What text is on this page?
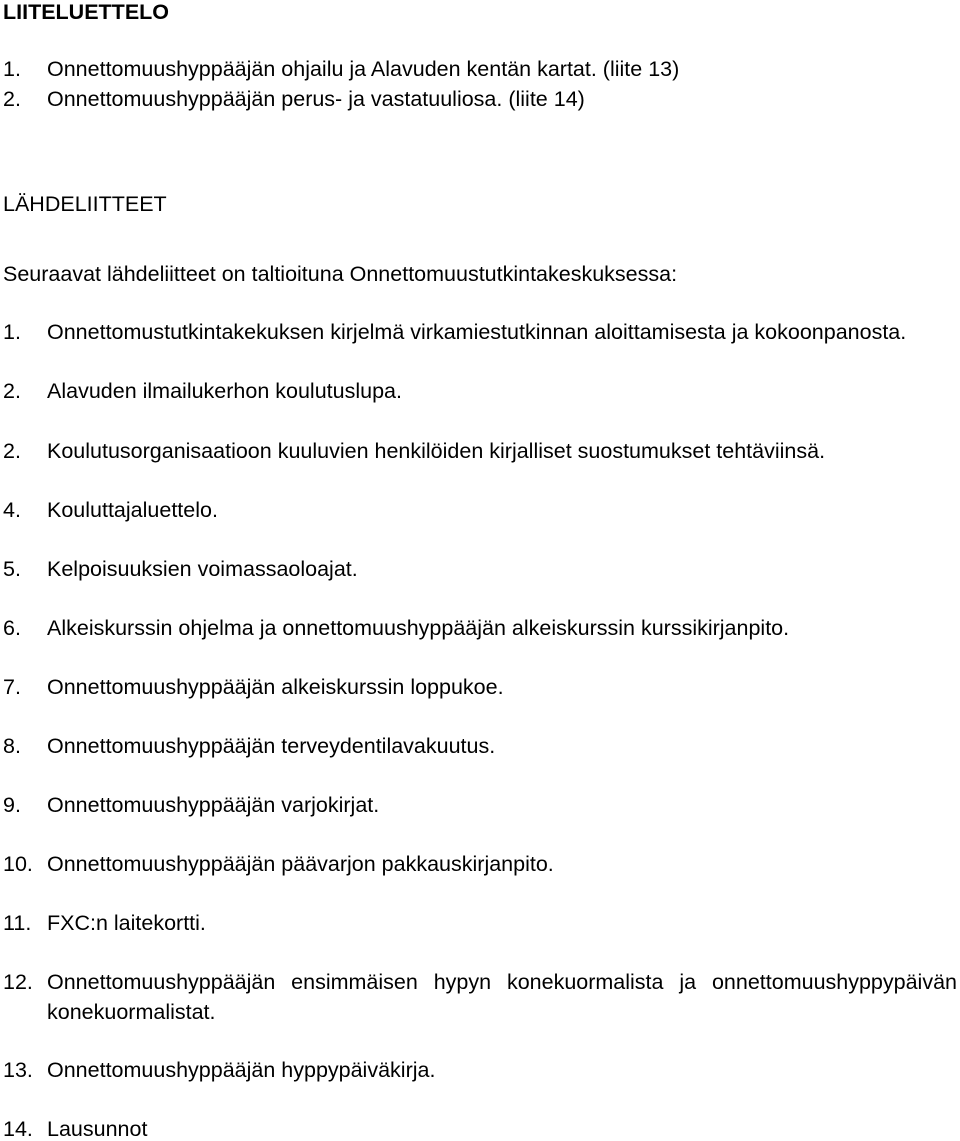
LIITELUETTELO
1. Onnettomuushyppääjän ohjailu ja Alavuden kentän kartat. (liite 13)
2. Onnettomuushyppääjän perus- ja vastatuuliosa. (liite 14)
LÄHDELIITTEET
Seuraavat lähdeliitteet on taltioituna Onnettomuustutkintakeskuksessa:
1. Onnettomustutkintakekuksen kirjelmä virkamiestutkinnan aloittamisesta ja kokoonpanosta.
2. Alavuden ilmailukerhon koulutuslupa.
2. Koulutusorganisaatioon kuuluvien henkilöiden kirjalliset suostumukset tehtäviinsä.
4. Kouluttajaluettelo.
5. Kelpoisuuksien voimassaoloajat.
6. Alkeiskurssin ohjelma ja onnettomuushyppääjän alkeiskurssin kurssikirjanpito.
7. Onnettomuushyppääjän alkeiskurssin loppukoe.
8. Onnettomuushyppääjän terveydentilavakuutus.
9. Onnettomuushyppääjän varjokirjat.
10. Onnettomuushyppääjän päävarjon pakkauskirjanpito.
11. FXC:n laitekortti.
12. Onnettomuushyppääjän ensimmäisen hypyn konekuormalista ja onnettomuushyppypäivän
konekuormalistat.
13. Onnettomuushyppääjän hyppypäiväkirja.
14. Lausunnot
